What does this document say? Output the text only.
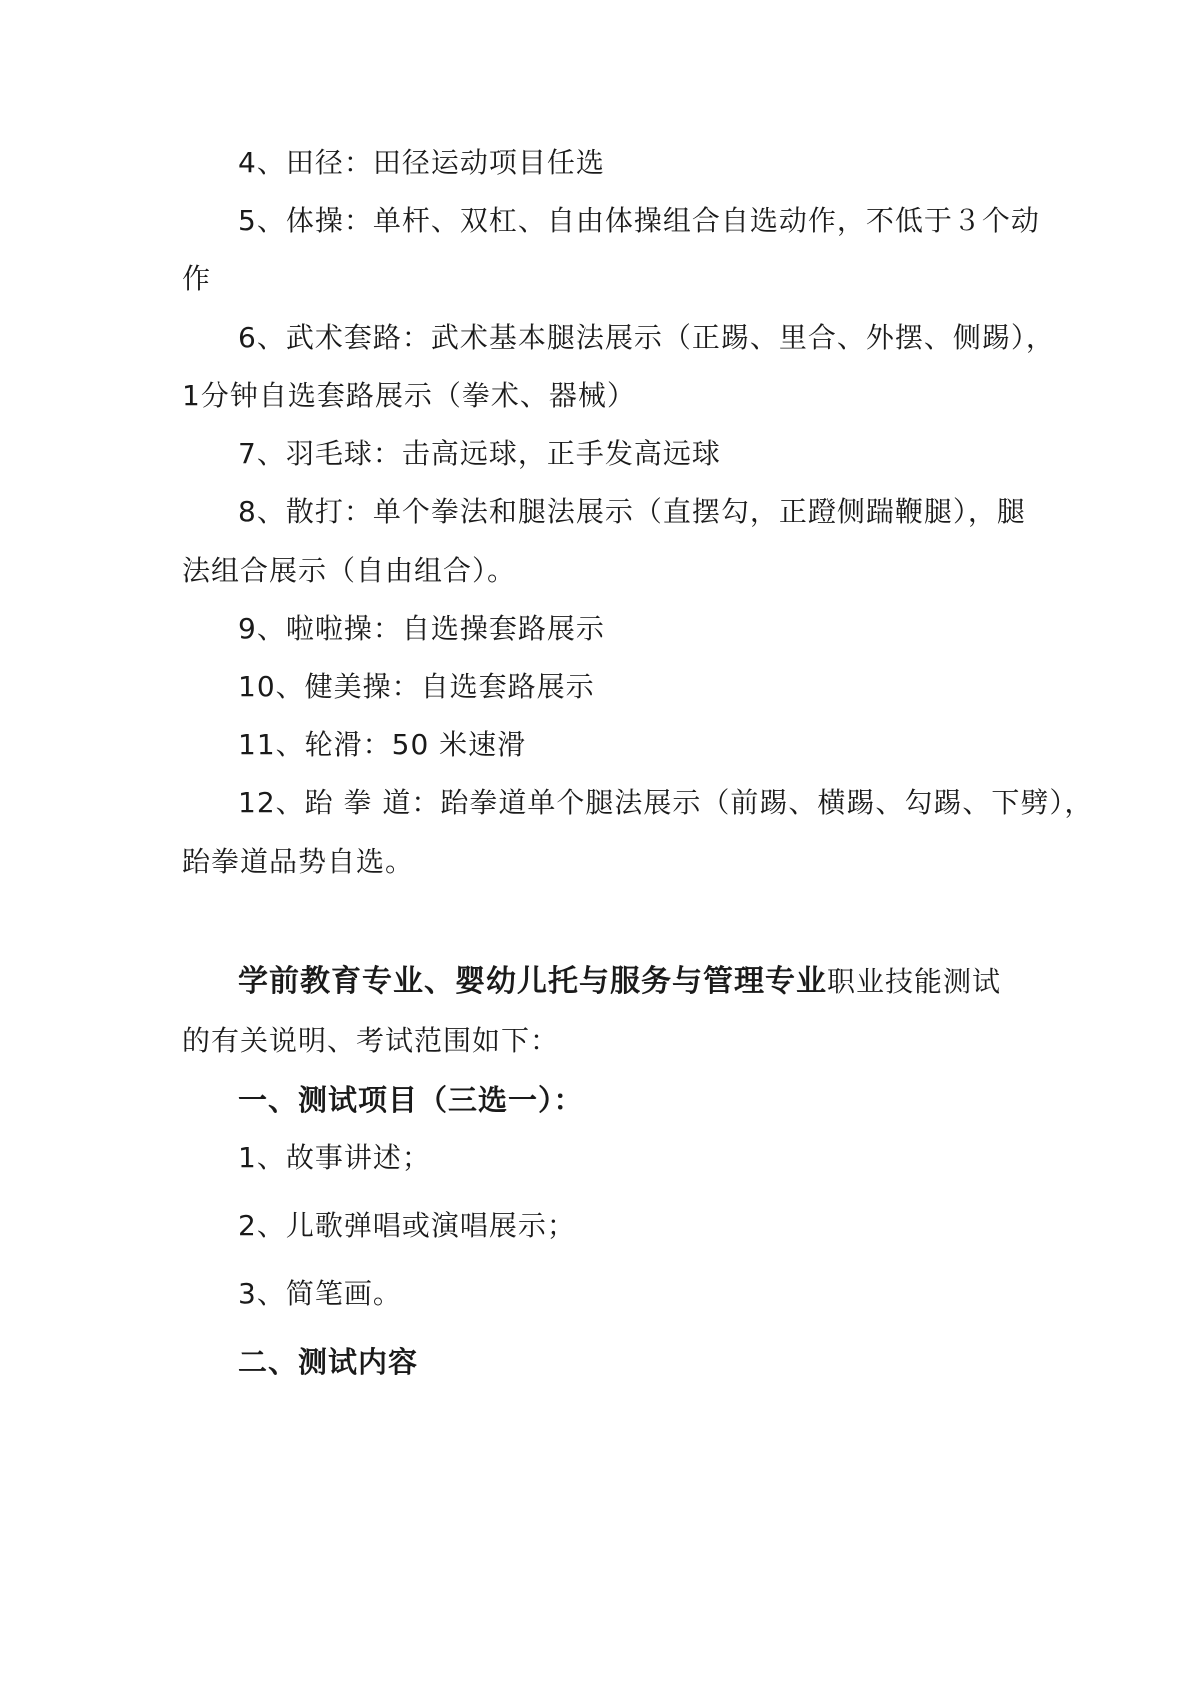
4、田径：田径运动项目任选
5、体操：单杆、双杠、自由体操组合自选动作，不低于３个动
作
6、武术套路：武术基本腿法展示（正踢、里合、外摆、侧踢），
1分钟自选套路展示（拳术、器械）
7、羽毛球：击高远球，正手发高远球
8、散打：单个拳法和腿法展示（直摆勾，正蹬侧踹鞭腿），腿
法组合展示（自由组合）。
9、啦啦操：自选操套路展示
10、健美操：自选套路展示
11、轮滑：50 米速滑
12、跆 拳 道：跆拳道单个腿法展示（前踢、横踢、勾踢、下劈），
跆拳道品势自选。
学前教育专业、婴幼儿托与服务与管理专业职业技能测试
的有关说明、考试范围如下：
一、测试项目（三选一）：
1、故事讲述；
2、儿歌弹唱或演唱展示；
3、简笔画。
二、测试内容
